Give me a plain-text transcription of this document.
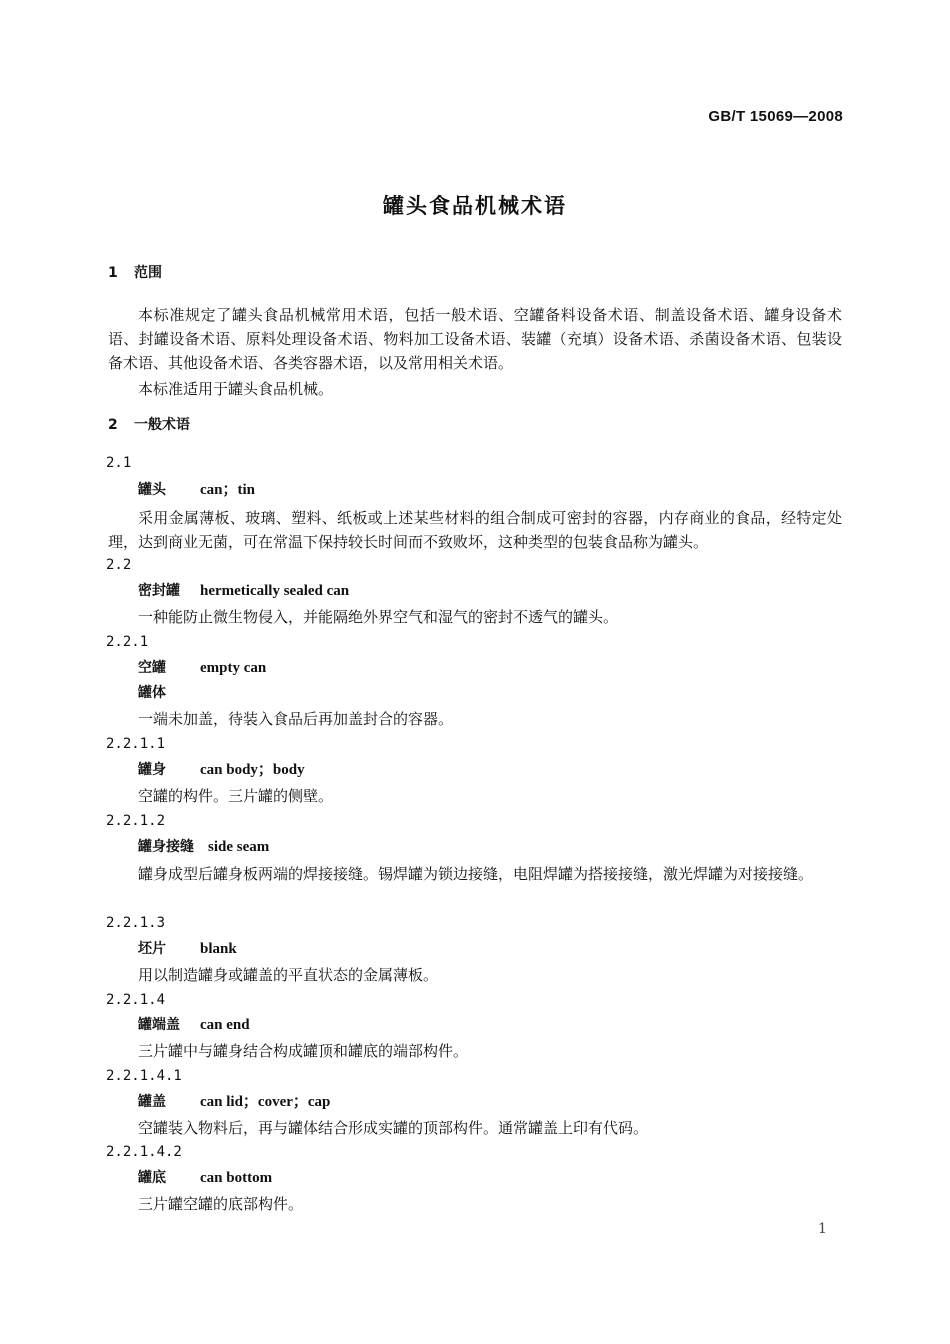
GB/T 15069—2008
罐头食品机械术语
1 范围
本标准规定了罐头食品机械常用术语，包括一般术语、空罐备料设备术语、制盖设备术语、罐身设备术语、封罐设备术语、原料处理设备术语、物料加工设备术语、装罐（充填）设备术语、杀菌设备术语、包装设备术语、其他设备术语、各类容器术语，以及常用相关术语。
本标准适用于罐头食品机械。
2 一般术语
2.1
罐头 can；tin
采用金属薄板、玻璃、塑料、纸板或上述某些材料的组合制成可密封的容器，内存商业的食品，经特定处理，达到商业无菌，可在常温下保持较长时间而不致败坏，这种类型的包装食品称为罐头。
2.2
密封罐 hermetically sealed can
一种能防止微生物侵入，并能隔绝外界空气和湿气的密封不透气的罐头。
2.2.1
空罐 empty can
罐体
一端未加盖，待装入食品后再加盖封合的容器。
2.2.1.1
罐身 can body；body
空罐的构件。三片罐的侧壁。
2.2.1.2
罐身接缝 side seam
罐身成型后罐身板两端的焊接接缝。锡焊罐为锁边接缝，电阻焊罐为搭接接缝，激光焊罐为对接接缝。
2.2.1.3
坯片 blank
用以制造罐身或罐盖的平直状态的金属薄板。
2.2.1.4
罐端盖 can end
三片罐中与罐身结合构成罐顶和罐底的端部构件。
2.2.1.4.1
罐盖 can lid；cover；cap
空罐装入物料后，再与罐体结合形成实罐的顶部构件。通常罐盖上印有代码。
2.2.1.4.2
罐底 can bottom
三片罐空罐的底部构件。
1
